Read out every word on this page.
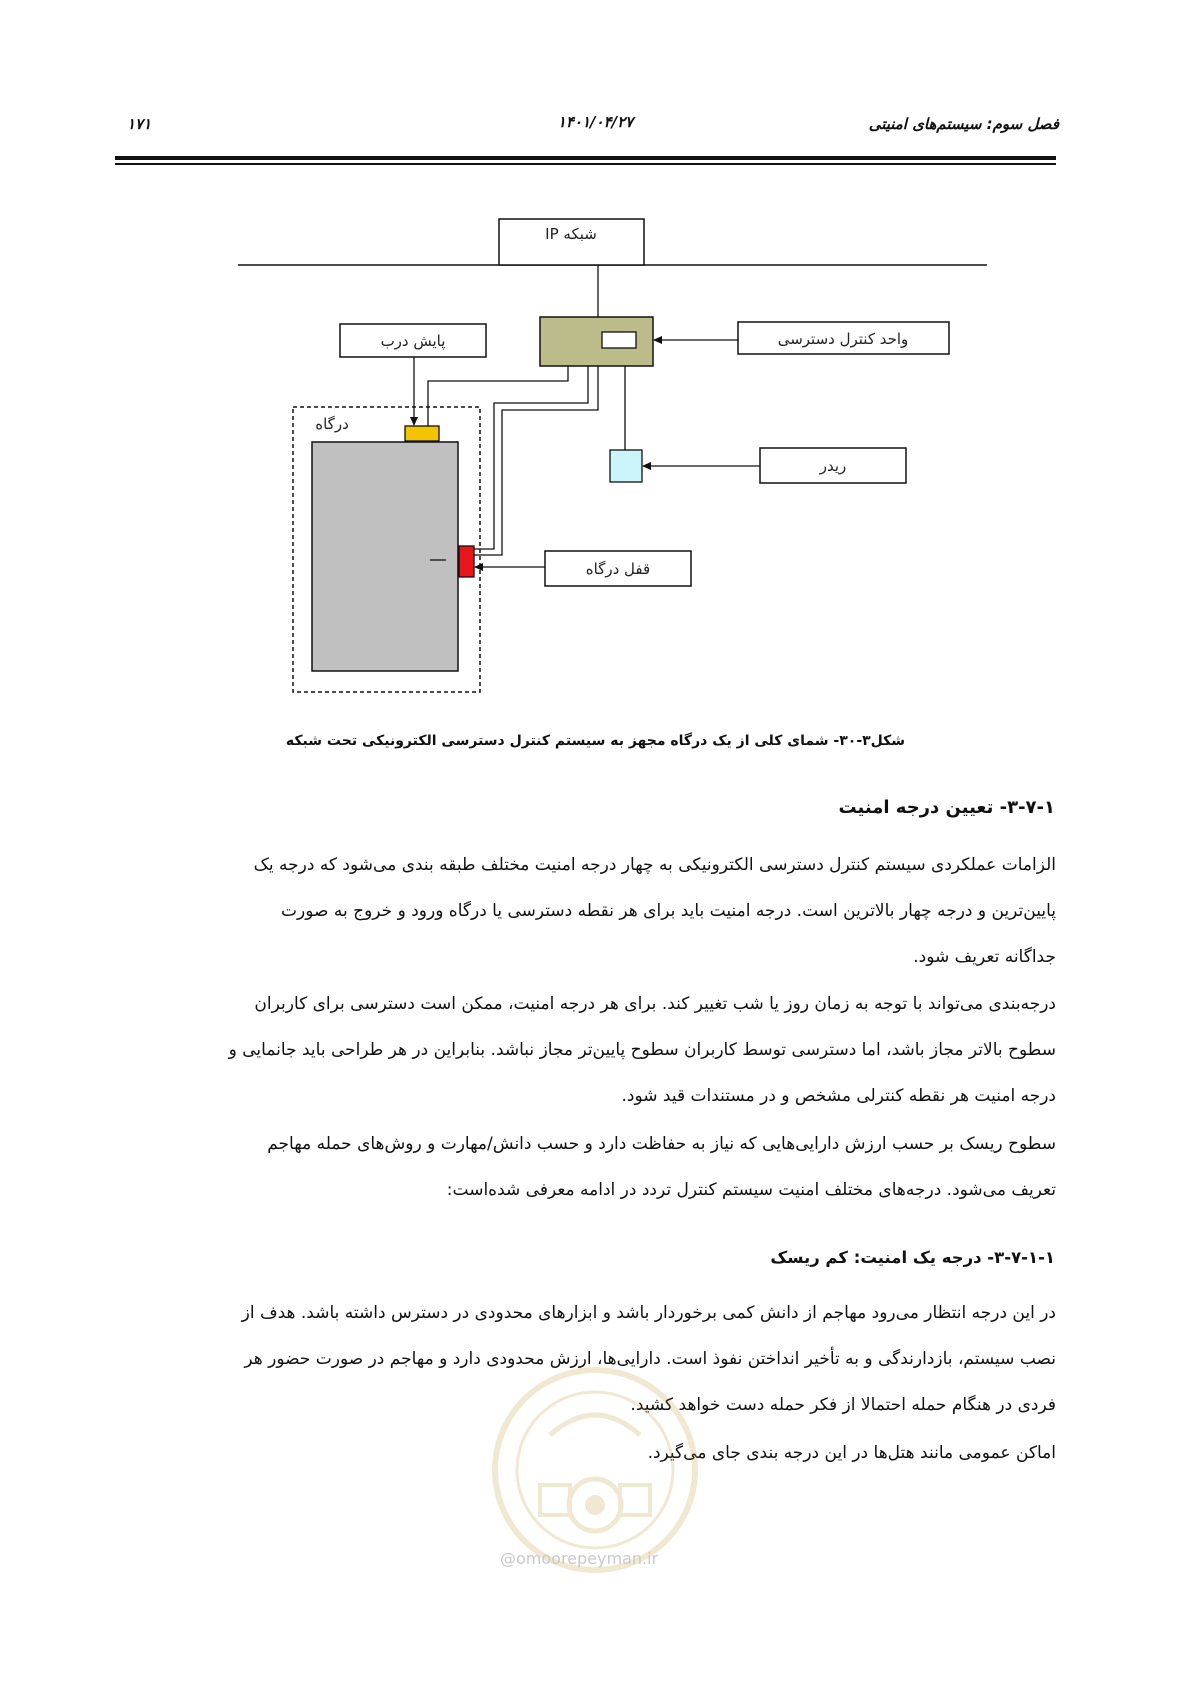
فصل سوم: سیستم‌های امنیتی
۱۴۰۱/۰۴/۲۷
۱۷۱
شبکه IP
واحد کنترل دسترسی
پایش درب
درگاه
ریدر
قفل درگاه
شکل۳-۳۰- شمای کلی از یک درگاه مجهز به سیستم کنترل دسترسی الکترونیکی تحت شبکه
۳-۷-۱- تعیین درجه امنیت

الزامات عملکردی سیستم کنترل دسترسی الکترونیکی به چهار درجه امنیت مختلف طبقه بندی می‌شود که درجه یک
پایین‌ترین و درجه چهار بالاترین است. درجه امنیت باید برای هر نقطه دسترسی یا درگاه ورود و خروج به صورت
جداگانه تعریف شود.

درجه‌بندی می‌تواند با توجه به زمان روز یا شب تغییر کند. برای هر درجه امنیت، ممکن است دسترسی برای کاربران
سطوح بالاتر مجاز باشد، اما دسترسی توسط کاربران سطوح پایین‌تر مجاز نباشد. بنابراین در هر طراحی باید جانمایی و
درجه امنیت هر نقطه کنترلی مشخص و در مستندات قید شود.

سطوح ریسک بر حسب ارزش دارایی‌هایی که نیاز به حفاظت دارد و حسب دانش/مهارت و روش‌های حمله مهاجم
تعریف می‌شود. درجه‌های مختلف امنیت سیستم کنترل تردد در ادامه معرفی شده‌است:

۳-۷-۱-۱- درجه یک امنیت: کم ریسک

در این درجه انتظار می‌رود مهاجم از دانش کمی برخوردار باشد و ابزارهای محدودی در دسترس داشته باشد. هدف از
نصب سیستم، بازدارندگی و به تأخیر انداختن نفوذ است. دارایی‌ها، ارزش محدودی دارد و مهاجم در صورت حضور هر
فردی در هنگام حمله احتمالا از فکر حمله دست خواهد کشید.

اماکن عمومی مانند هتل‌ها در این درجه بندی جای می‌گیرد.

@omoorepeyman.ir
